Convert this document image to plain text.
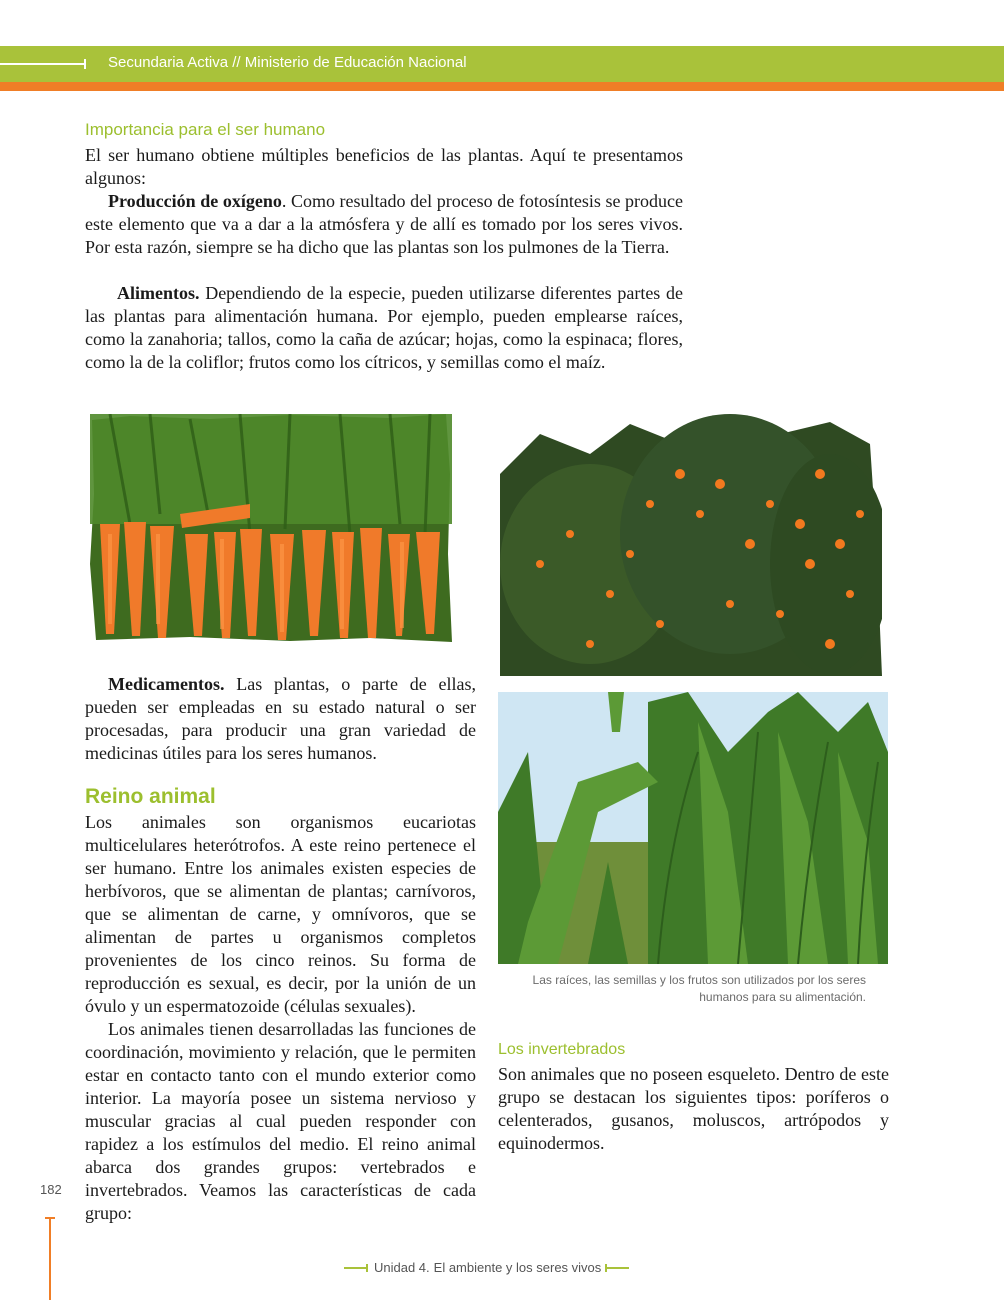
Secundaria Activa // Ministerio de Educación Nacional
Importancia para el ser humano

El ser humano obtiene múltiples beneficios de las plantas. Aquí te presentamos algunos:

Producción de oxígeno. Como resultado del proceso de fotosíntesis se produce este elemento que va a dar a la atmósfera y de allí es tomado por los seres vivos. Por esta razón, siempre se ha dicho que las plantas son los pulmones de la Tierra.

Alimentos. Dependiendo de la especie, pueden utilizarse diferentes partes de las plantas para alimentación humana. Por ejemplo, pueden emplearse raíces, como la zanahoria; tallos, como la caña de azúcar; hojas, como la espinaca; flores, como la de la coliflor; frutos como los cítricos, y semillas como el maíz.

Las raíces, las semillas y los frutos son utilizados por los seres humanos para su alimentación.

Medicamentos. Las plantas, o parte de ellas, pueden ser empleadas en su estado natural o ser procesadas, para producir una gran variedad de medicinas útiles para los seres humanos.

Reino animal

Los animales son organismos eucariotas multicelulares heterótrofos. A este reino pertenece el ser humano. Entre los animales existen especies de herbívoros, que se alimentan de plantas; carnívoros, que se alimentan de carne, y omnívoros, que se alimentan de partes u organismos completos provenientes de los cinco reinos. Su forma de reproducción es sexual, es decir, por la unión de un óvulo y un espermatozoide (células sexuales).

Los animales tienen desarrolladas las funciones de coordinación, movimiento y relación, que le permiten estar en contacto tanto con el mundo exterior como interior. La mayoría posee un sistema nervioso y muscular gracias al cual pueden responder con rapidez a los estímulos del medio. El reino animal abarca dos grandes grupos: vertebrados e invertebrados. Veamos las características de cada grupo:

Los invertebrados

Son animales que no poseen esqueleto. Dentro de este grupo se destacan los siguientes tipos: poríferos o celenterados, gusanos, moluscos, artrópodos y equinodermos.

182
Unidad 4. El ambiente y los seres vivos
